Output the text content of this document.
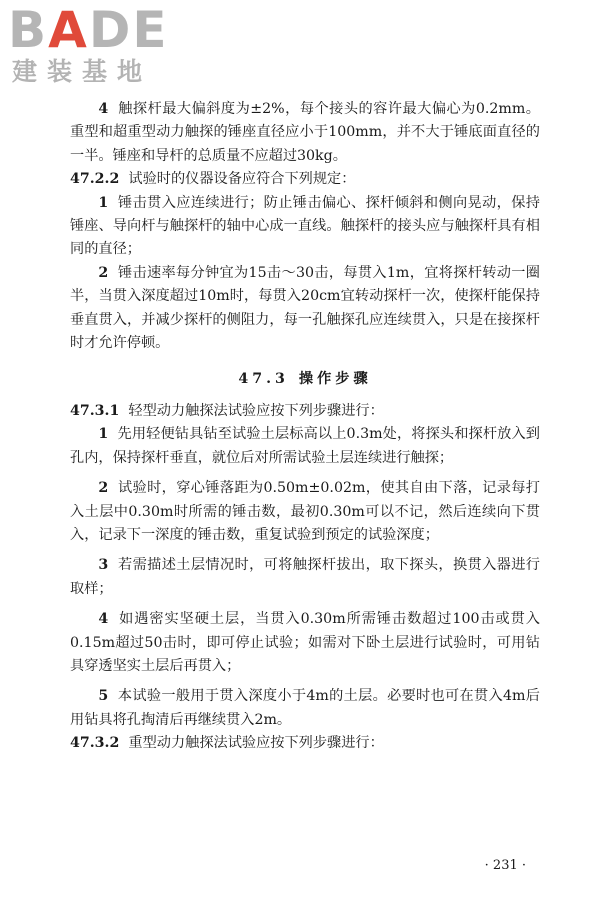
BADE
建装基地

4 触探杆最大偏斜度为±2%，每个接头的容许最大偏心为0.2mm。重型和超重型动力触探的锤座直径应小于100mm，并不大于锤底面直径的一半。锤座和导杆的总质量不应超过30kg。

47.2.2 试验时的仪器设备应符合下列规定：

1 锤击贯入应连续进行；防止锤击偏心、探杆倾斜和侧向晃动，保持锤座、导向杆与触探杆的轴中心成一直线。触探杆的接头应与触探杆具有相同的直径；

2 锤击速率每分钟宜为15击～30击，每贯入1m，宜将探杆转动一圈半，当贯入深度超过10m时，每贯入20cm宜转动探杆一次，使探杆能保持垂直贯入，并减少探杆的侧阻力，每一孔触探孔应连续贯入，只是在接探杆时才允许停顿。

47.3 操作步骤

47.3.1 轻型动力触探法试验应按下列步骤进行：

1 先用轻便钻具钻至试验土层标高以上0.3m处，将探头和探杆放入到孔内，保持探杆垂直，就位后对所需试验土层连续进行触探；

2 试验时，穿心锤落距为0.50m±0.02m，使其自由下落，记录每打入土层中0.30m时所需的锤击数，最初0.30m可以不记，然后连续向下贯入，记录下一深度的锤击数，重复试验到预定的试验深度；

3 若需描述土层情况时，可将触探杆拔出，取下探头，换贯入器进行取样；

4 如遇密实坚硬土层，当贯入0.30m所需锤击数超过100击或贯入0.15m超过50击时，即可停止试验；如需对下卧土层进行试验时，可用钻具穿透坚实土层后再贯入；

5 本试验一般用于贯入深度小于4m的土层。必要时也可在贯入4m后用钻具将孔掏清后再继续贯入2m。

47.3.2 重型动力触探法试验应按下列步骤进行：

· 231 ·
